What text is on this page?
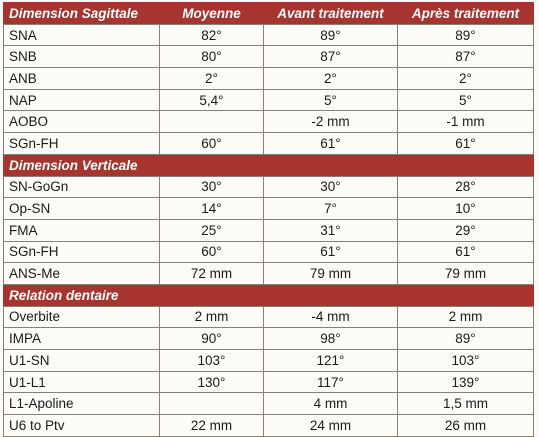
Dimension Sagittale	Moyenne	Avant traitement	Après traitement
SNA	82°	89°	89°
SNB	80°	87°	87°
ANB	2°	2°	2°
NAP	5,4°	5°	5°
AOBO		-2 mm	-1 mm
SGn-FH	60°	61°	61°
Dimension Verticale			
SN-GoGn	30°	30°	28°
Op-SN	14°	7°	10°
FMA	25°	31°	29°
SGn-FH	60°	61°	61°
ANS-Me	72 mm	79 mm	79 mm
Relation dentaire			
Overbite	2 mm	-4 mm	2 mm
IMPA	90°	98°	89°
U1-SN	103°	121°	103°
U1-L1	130°	117°	139°
L1-Apoline		4 mm	1,5 mm
U6 to Ptv	22 mm	24 mm	26 mm
